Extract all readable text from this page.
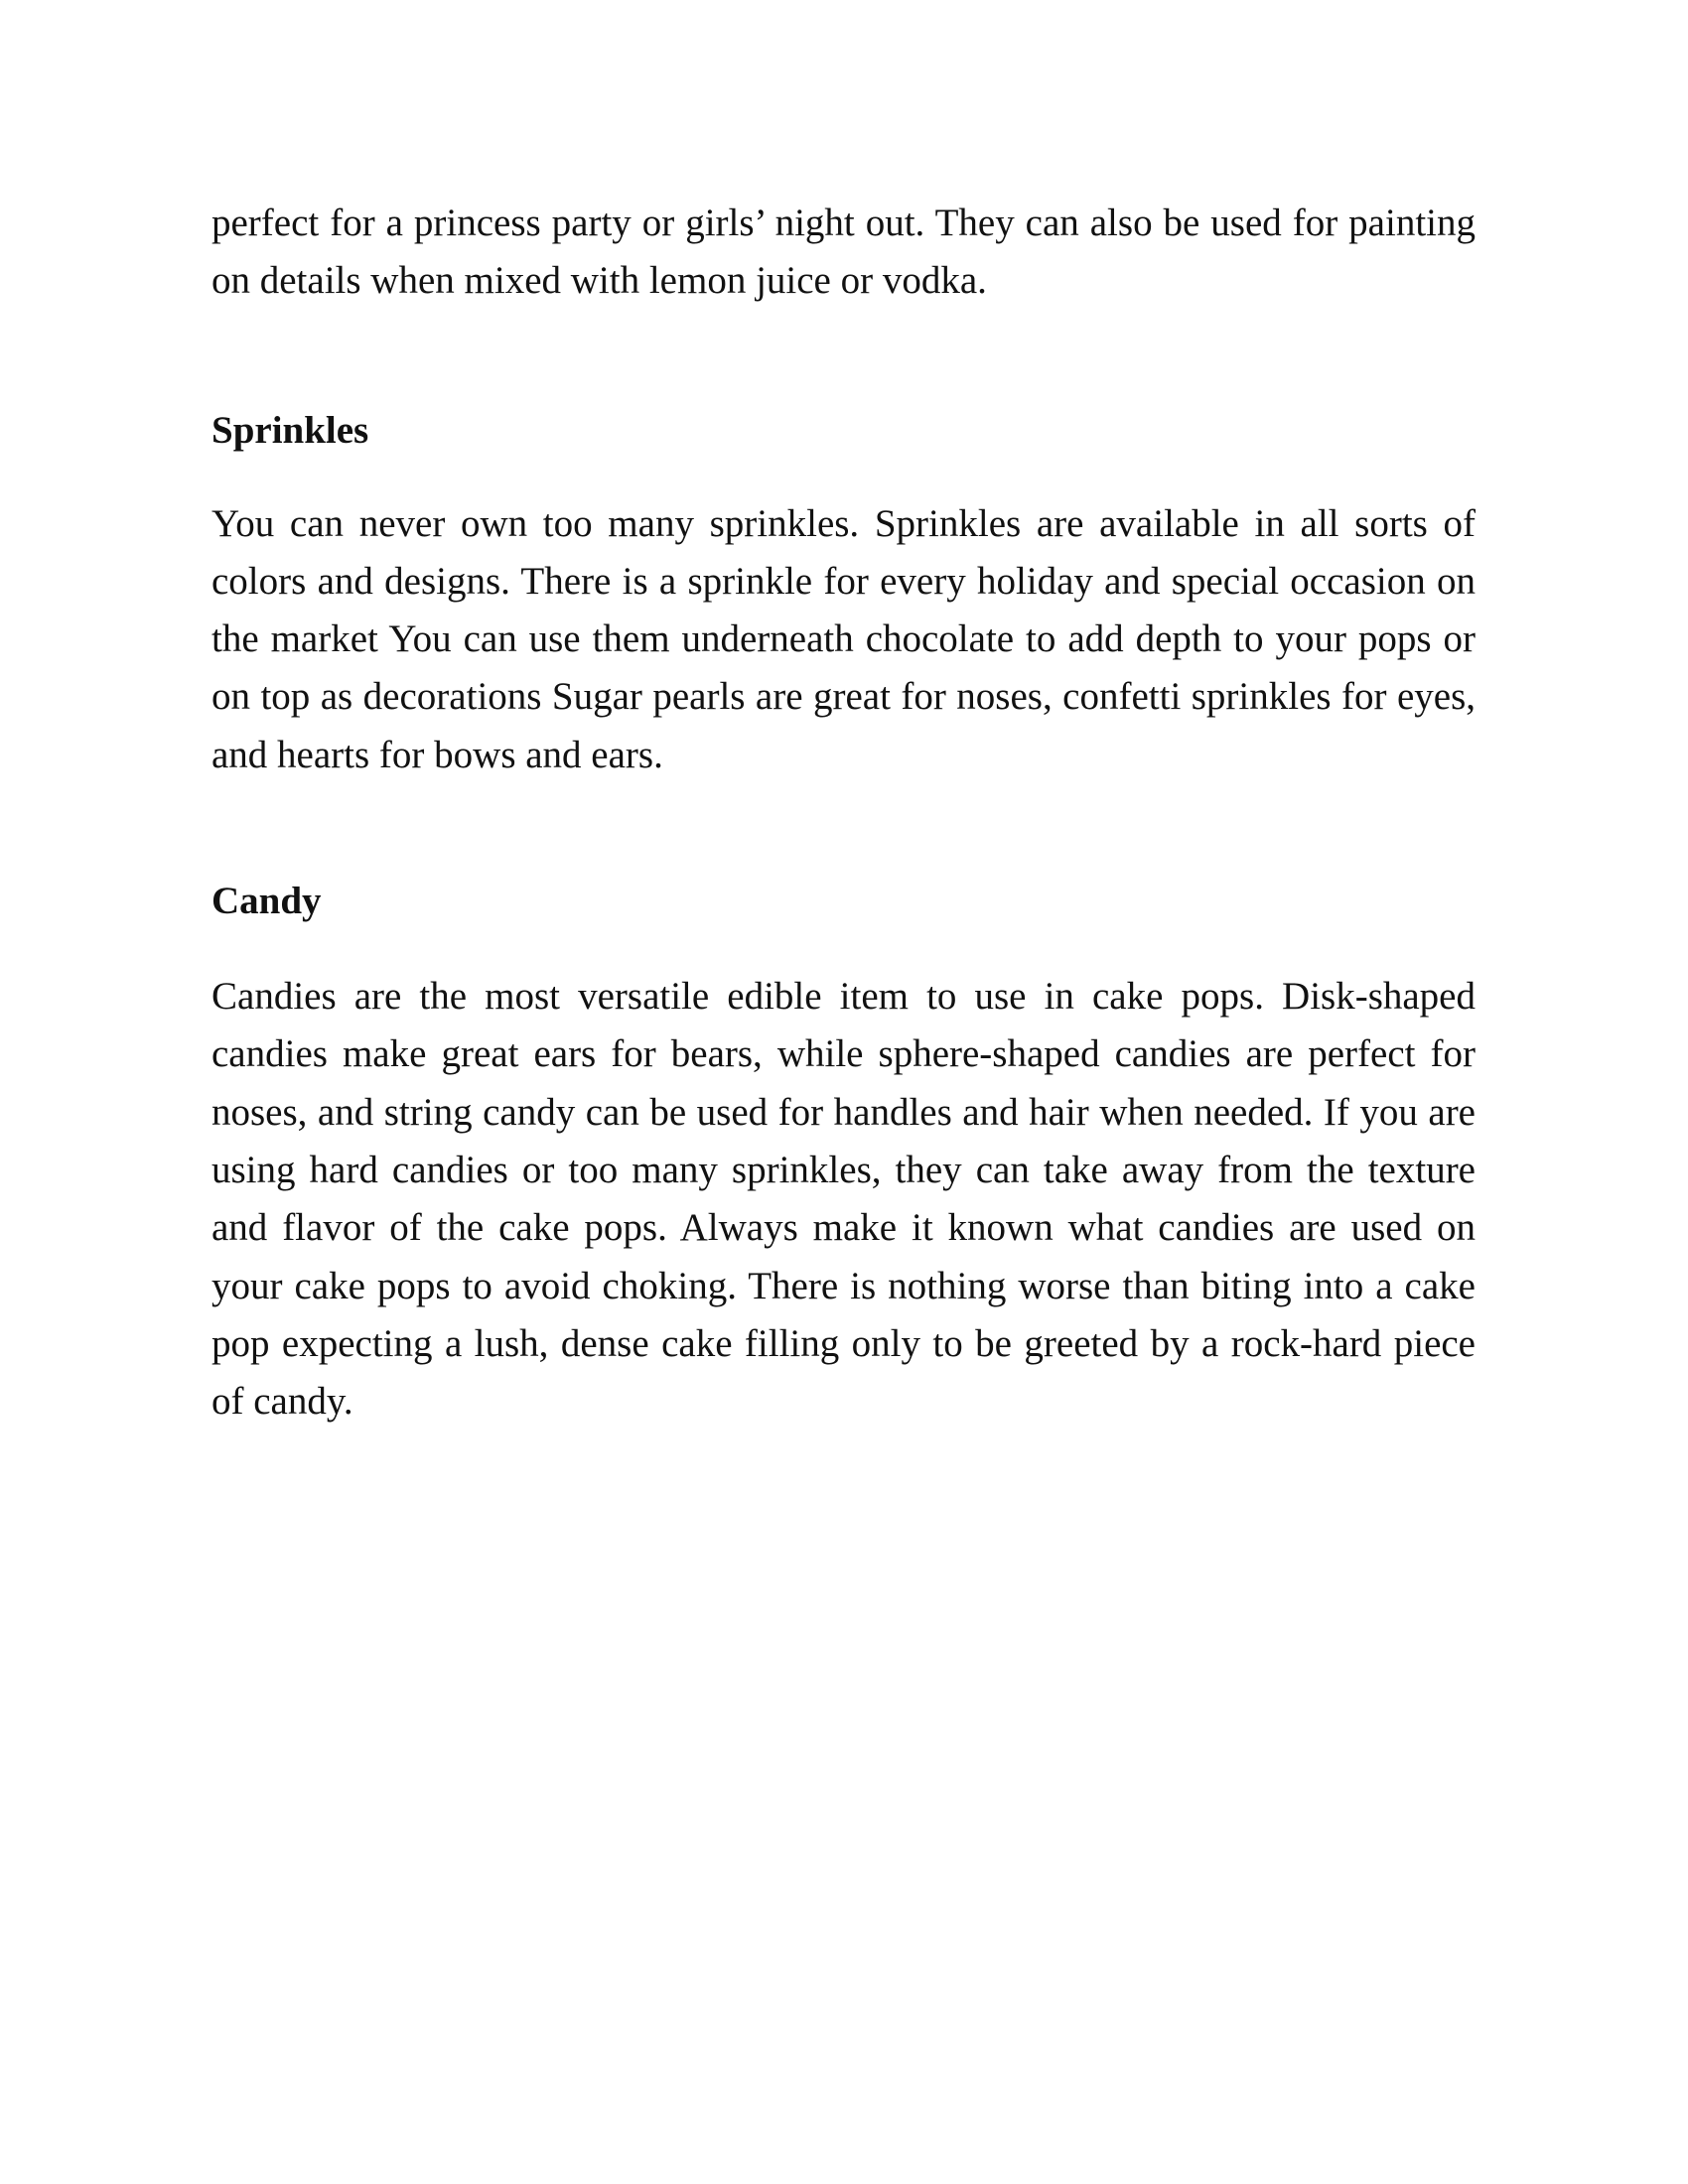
perfect for a princess party or girls’ night out. They can also be used for painting on details when mixed with lemon juice or vodka.

Sprinkles

You can never own too many sprinkles. Sprinkles are available in all sorts of colors and designs. There is a sprinkle for every holiday and special occasion on the market You can use them underneath chocolate to add depth to your pops or on top as decorations Sugar pearls are great for noses, confetti sprinkles for eyes, and hearts for bows and ears.

Candy

Candies are the most versatile edible item to use in cake pops. Disk-shaped candies make great ears for bears, while sphere-shaped candies are perfect for noses, and string candy can be used for handles and hair when needed. If you are using hard candies or too many sprinkles, they can take away from the texture and flavor of the cake pops. Always make it known what candies are used on your cake pops to avoid choking. There is nothing worse than biting into a cake pop expecting a lush, dense cake filling only to be greeted by a rock-hard piece of candy.
